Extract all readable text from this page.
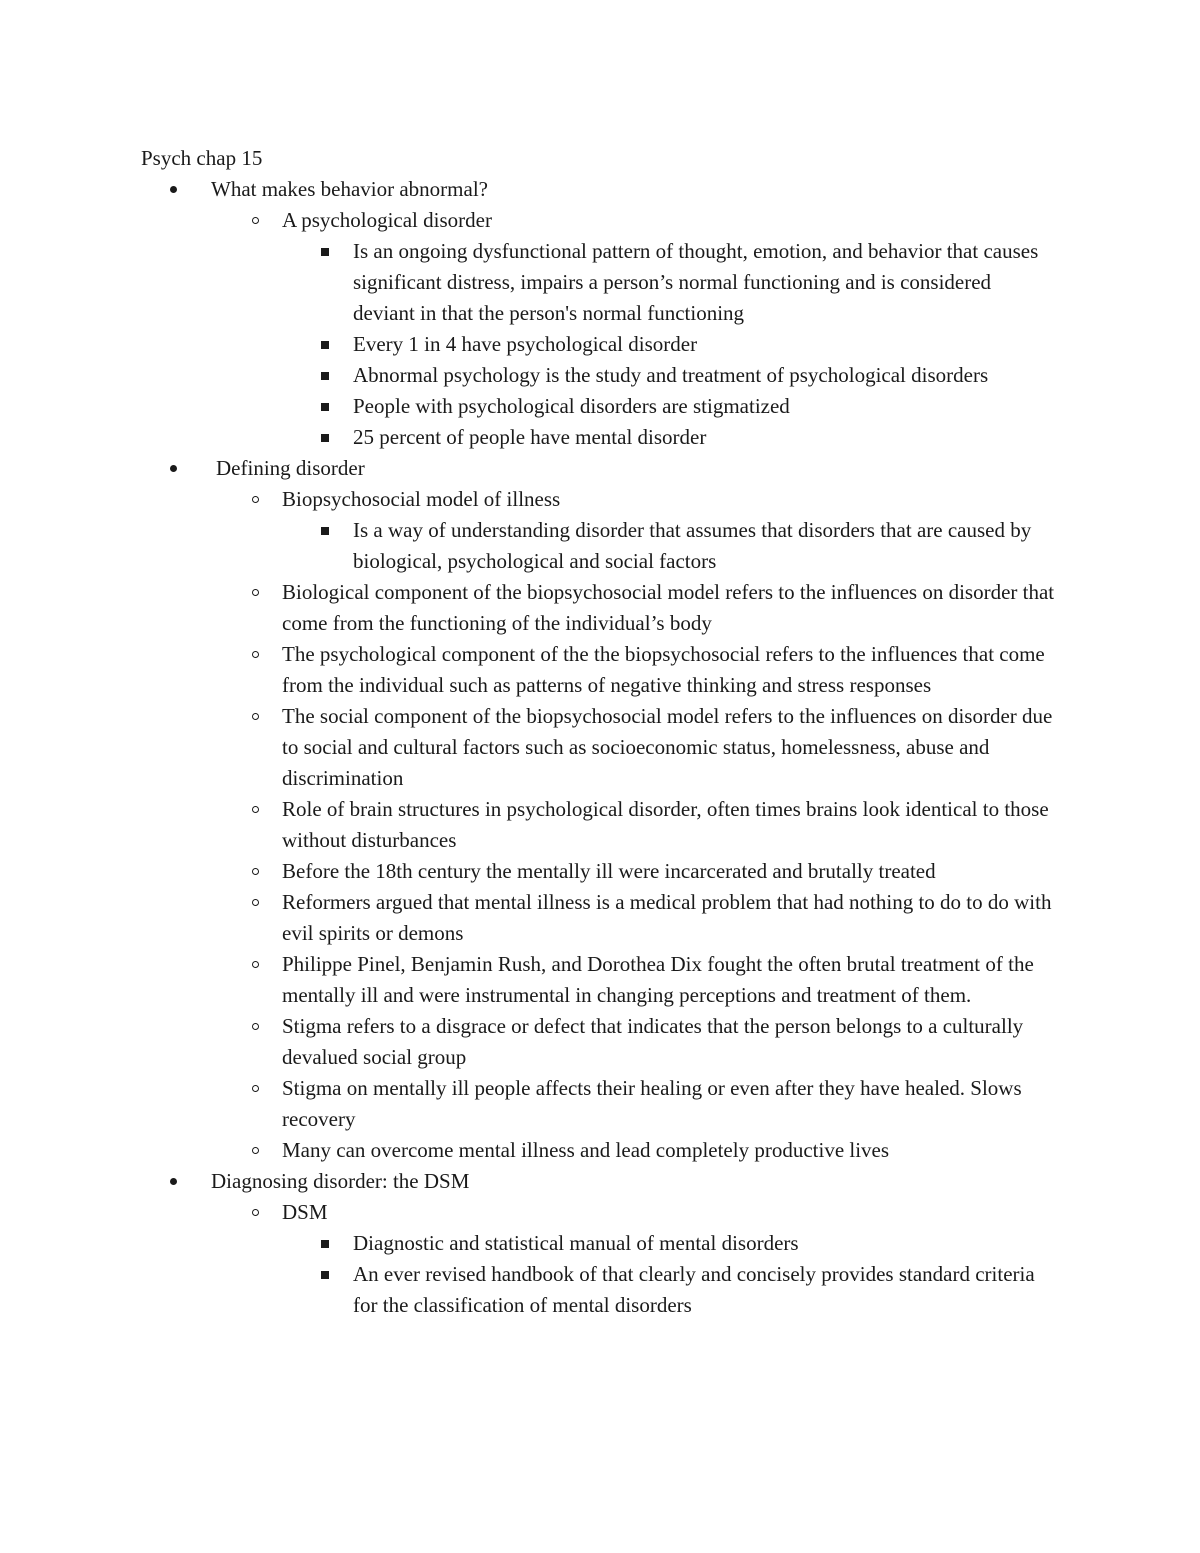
Psych chap 15
What makes behavior abnormal?
A psychological disorder
Is an ongoing dysfunctional pattern of thought, emotion, and behavior that causes significant distress, impairs a person’s normal functioning and is considered deviant in that the person's normal functioning
Every 1 in 4 have psychological disorder
Abnormal psychology is the study and treatment of psychological disorders
People with psychological disorders are stigmatized
25 percent of people have mental disorder
Defining disorder
Biopsychosocial model of illness
Is a way of understanding disorder that assumes that disorders that are caused by biological, psychological and social factors
Biological component of the biopsychosocial model refers to the influences on disorder that come from the functioning of the individual’s body
The psychological component of the the biopsychosocial refers to the influences that come from the individual such as patterns of negative thinking and stress responses
The social component of the biopsychosocial model refers to the influences on disorder due to social and cultural factors such as socioeconomic status, homelessness, abuse and discrimination
Role of brain structures in psychological disorder, often times brains look identical to those without disturbances
Before the 18th century the mentally ill were incarcerated and brutally treated
Reformers argued that mental illness is a medical problem that had nothing to do to do with evil spirits or demons
Philippe Pinel, Benjamin Rush, and Dorothea Dix fought the often brutal treatment of the mentally ill and were instrumental in changing perceptions and treatment of them.
Stigma refers to a disgrace or defect that indicates that the person belongs to a culturally devalued social group
Stigma on mentally ill people affects their healing or even after they have healed. Slows recovery
Many can overcome mental illness and lead completely productive lives
Diagnosing disorder: the DSM
DSM
Diagnostic and statistical manual of mental disorders
An ever revised handbook of that clearly and concisely provides standard criteria for the classification of mental disorders
